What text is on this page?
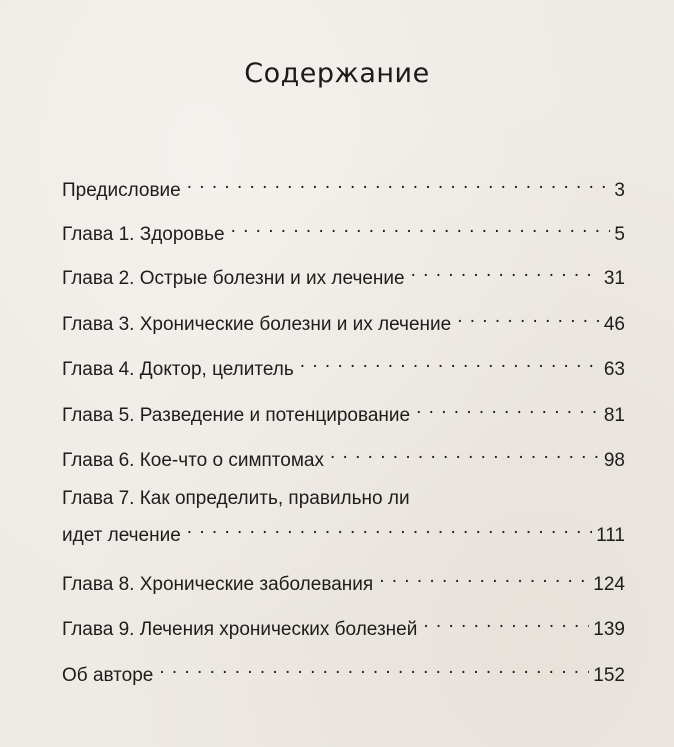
Содержание
Предисловие . . .	3
Глава 1. Здоровье . . .	5
Глава 2. Острые болезни и их лечение . . .	31
Глава 3. Хронические болезни и их лечение . . .	46
Глава 4. Доктор, целитель . . .	63
Глава 5. Разведение и потенцирование . . .	81
Глава 6. Кое-что о симптомах . . .	98
Глава 7. Как определить, правильно ли
идет лечение . . .	111
Глава 8. Хронические заболевания . . .	124
Глава 9. Лечения хронических болезней . . .	139
Об авторе . . .	152
